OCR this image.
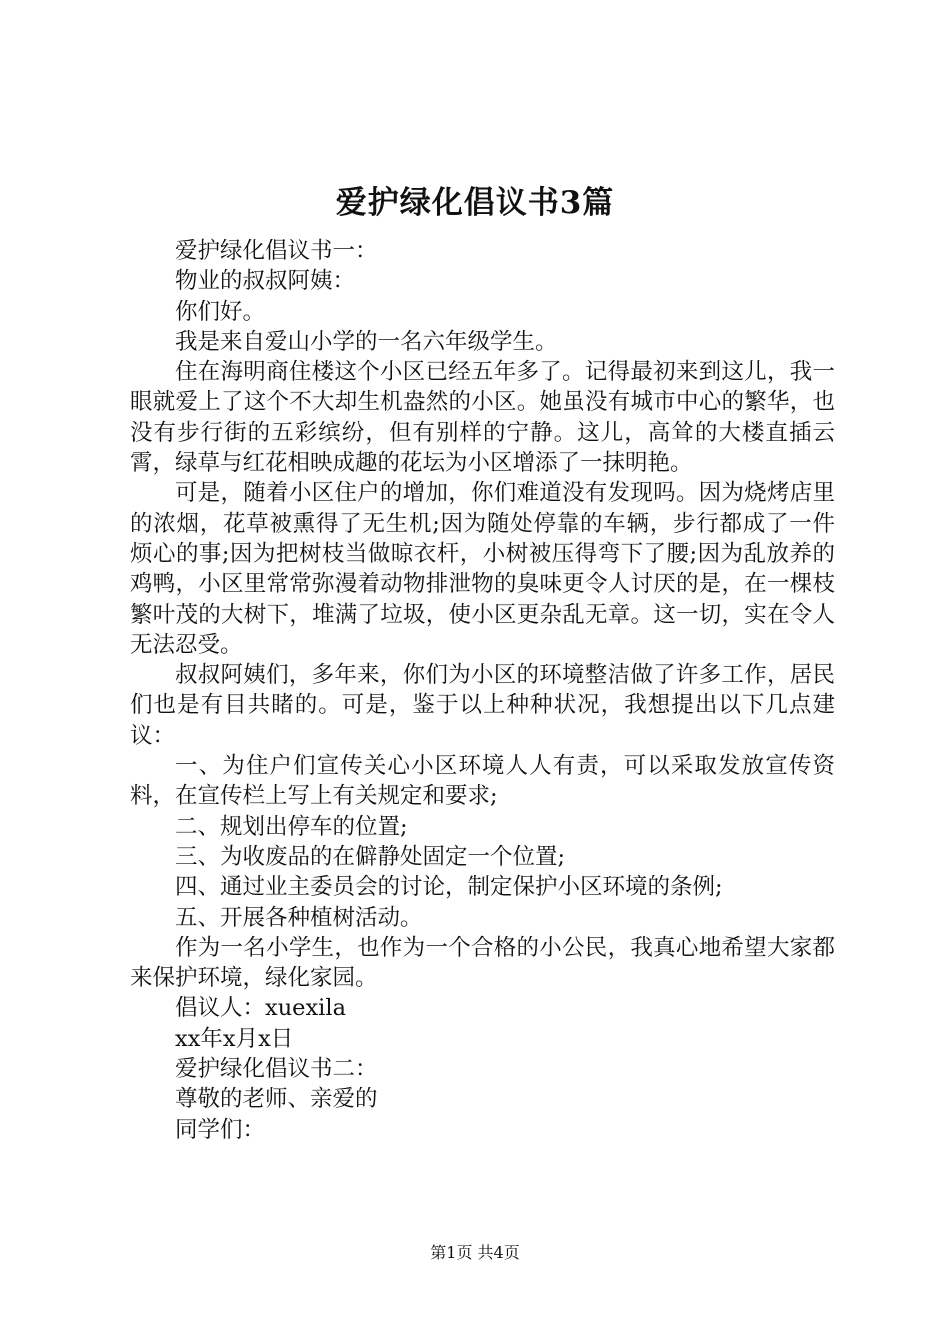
爱护绿化倡议书3篇

爱护绿化倡议书一：

物业的叔叔阿姨：

你们好。

我是来自爱山小学的一名六年级学生。

住在海明商住楼这个小区已经五年多了。记得最初来到这儿，我一眼就爱上了这个不大却生机盎然的小区。她虽没有城市中心的繁华，也没有步行街的五彩缤纷，但有别样的宁静。这儿，高耸的大楼直插云霄，绿草与红花相映成趣的花坛为小区增添了一抹明艳。

可是，随着小区住户的增加，你们难道没有发现吗。因为烧烤店里的浓烟，花草被熏得了无生机;因为随处停靠的车辆，步行都成了一件烦心的事;因为把树枝当做晾衣杆，小树被压得弯下了腰;因为乱放养的鸡鸭，小区里常常弥漫着动物排泄物的臭味更令人讨厌的是，在一棵枝繁叶茂的大树下，堆满了垃圾，使小区更杂乱无章。这一切，实在令人无法忍受。

叔叔阿姨们，多年来，你们为小区的环境整洁做了许多工作，居民们也是有目共睹的。可是，鉴于以上种种状况，我想提出以下几点建议：

一、为住户们宣传关心小区环境人人有责，可以采取发放宣传资料，在宣传栏上写上有关规定和要求;

二、规划出停车的位置;

三、为收废品的在僻静处固定一个位置;

四、通过业主委员会的讨论，制定保护小区环境的条例;

五、开展各种植树活动。

作为一名小学生，也作为一个合格的小公民，我真心地希望大家都来保护环境，绿化家园。

倡议人：xuexila

xx年x月x日

爱护绿化倡议书二：

尊敬的老师、亲爱的

同学们：

第1页 共4页
